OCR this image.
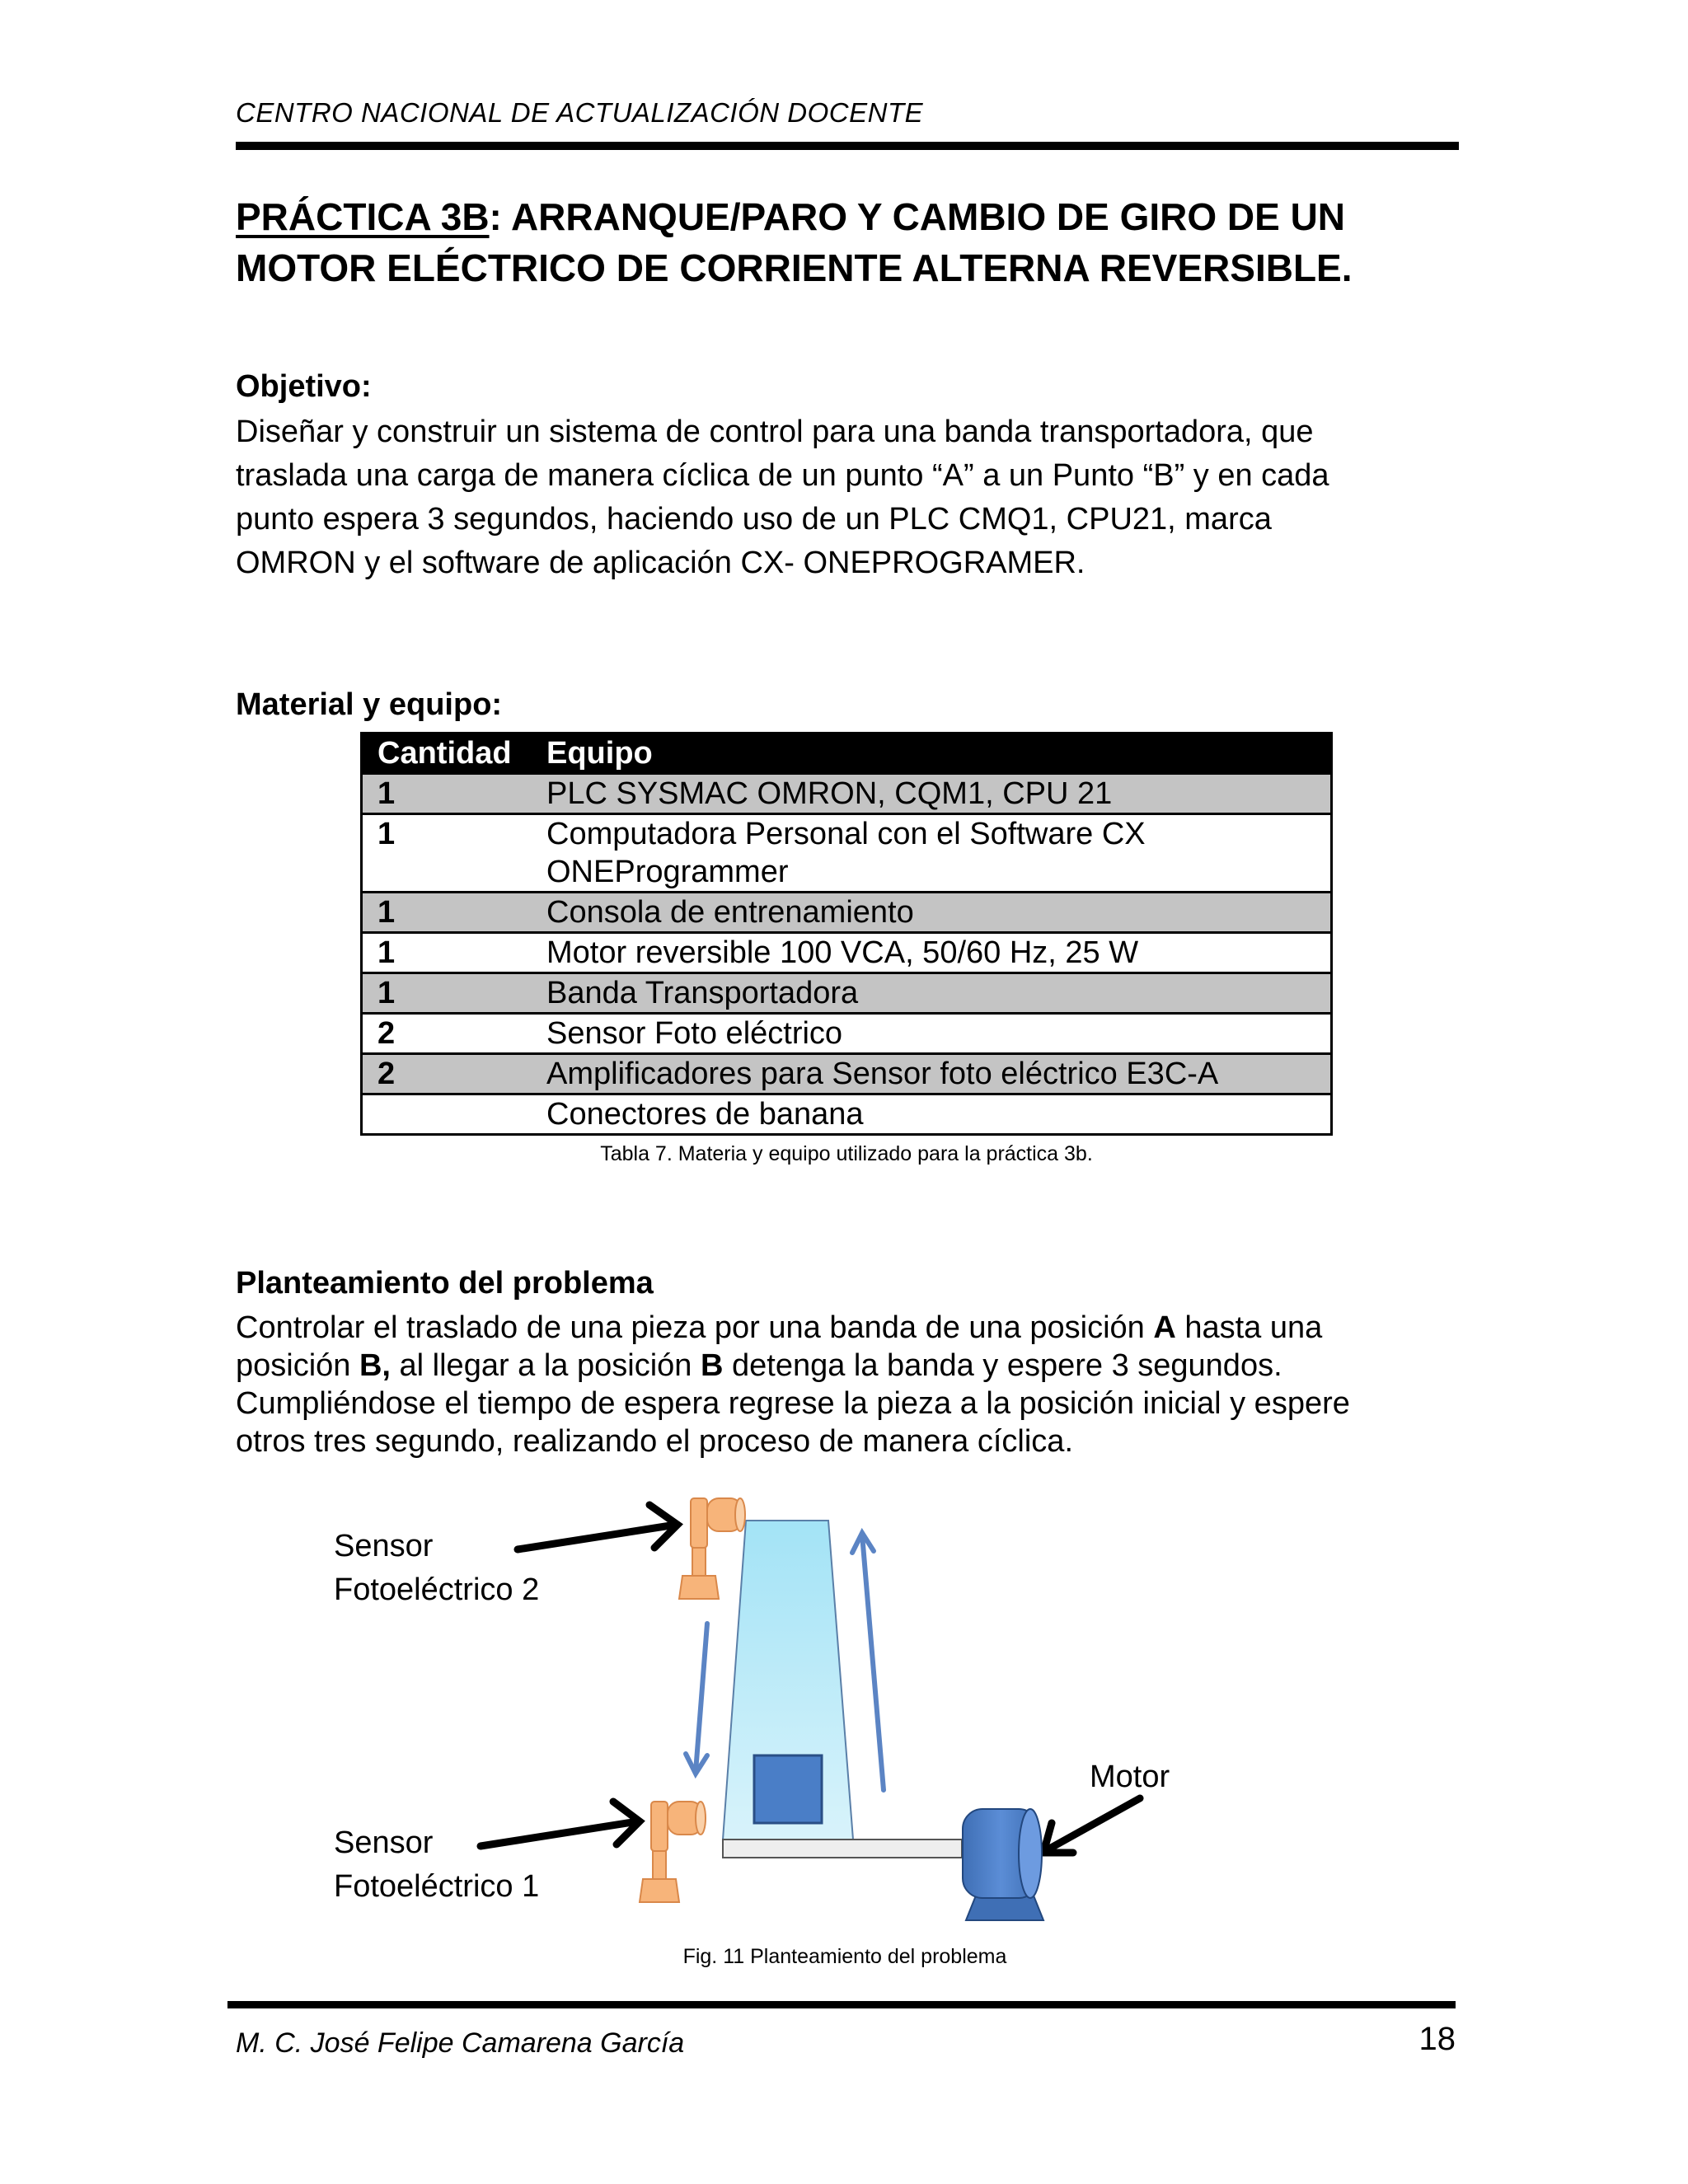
CENTRO NACIONAL DE ACTUALIZACIÓN DOCENTE
PRÁCTICA 3B: ARRANQUE/PARO Y CAMBIO DE GIRO DE UN
MOTOR ELÉCTRICO DE CORRIENTE ALTERNA REVERSIBLE.
Objetivo:
Diseñar y construir un sistema de control para una banda transportadora, que
traslada una carga de manera cíclica de un punto “A” a un Punto “B” y en cada
punto espera 3 segundos, haciendo uso de un PLC CMQ1, CPU21, marca
OMRON y el software de aplicación CX- ONEPROGRAMER.
Material y equipo:
Cantidad	Equipo
1	PLC SYSMAC OMRON, CQM1, CPU 21
1	Computadora Personal con el Software CX
ONEProgrammer

1	Consola de entrenamiento
1	Motor reversible 100 VCA, 50/60 Hz, 25 W
1	Banda Transportadora
2	Sensor Foto eléctrico
2	Amplificadores para Sensor foto eléctrico E3C-A
	Conectores de banana
Tabla 7. Materia y equipo utilizado para la práctica 3b.
Planteamiento del problema
Controlar el traslado de una pieza por una banda de una posición A hasta una
posición B, al llegar a la posición B detenga la banda y espere 3 segundos.
Cumpliéndose el tiempo de espera regrese la pieza a la posición inicial y espere
otros tres segundo, realizando el proceso de manera cíclica.
Sensor
Fotoeléctrico 2
Sensor
Fotoeléctrico 1
Motor
Fig. 11 Planteamiento del problema
M. C. José Felipe Camarena García	18
